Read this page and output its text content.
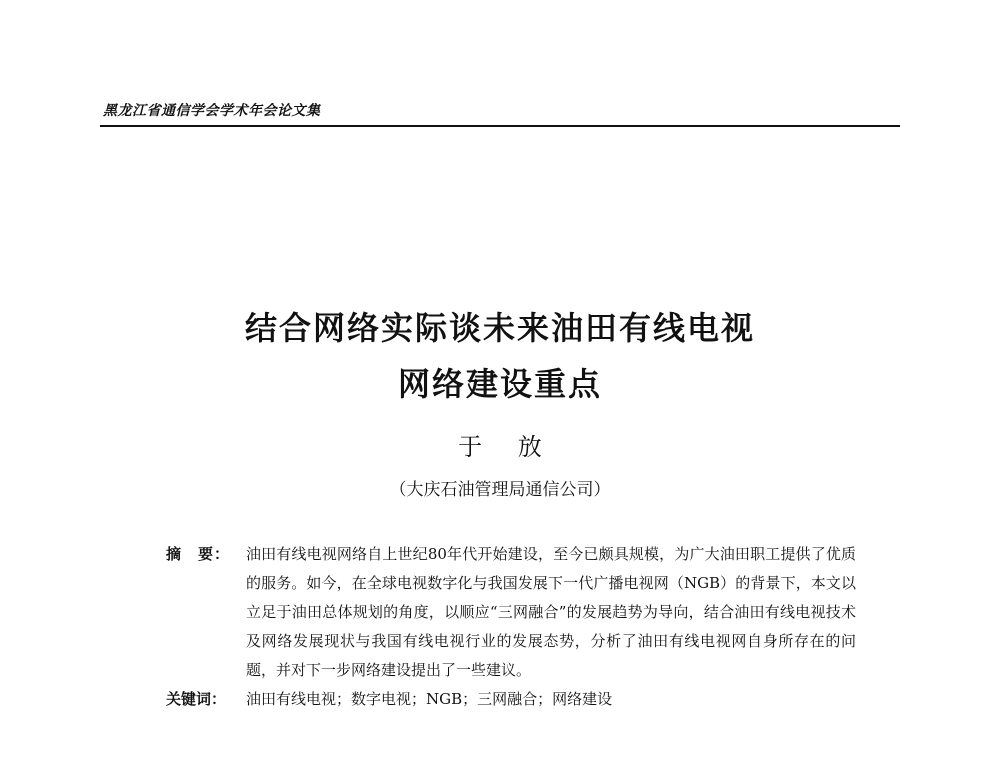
黑龙江省通信学会学术年会论文集
结合网络实际谈未来油田有线电视
网络建设重点
于 放
（大庆石油管理局通信公司）
摘　要：	油田有线电视网络自上世纪80年代开始建设，至今已颇具规模，为广大油田职工提供了优质的服务。如今，在全球电视数字化与我国发展下一代广播电视网（NGB）的背景下，本文以立足于油田总体规划的角度，以顺应“三网融合”的发展趋势为导向，结合油田有线电视技术及网络发展现状与我国有线电视行业的发展态势，分析了油田有线电视网自身所存在的问题，并对下一步网络建设提出了一些建议。
关键词：	油田有线电视；数字电视；NGB；三网融合；网络建设
